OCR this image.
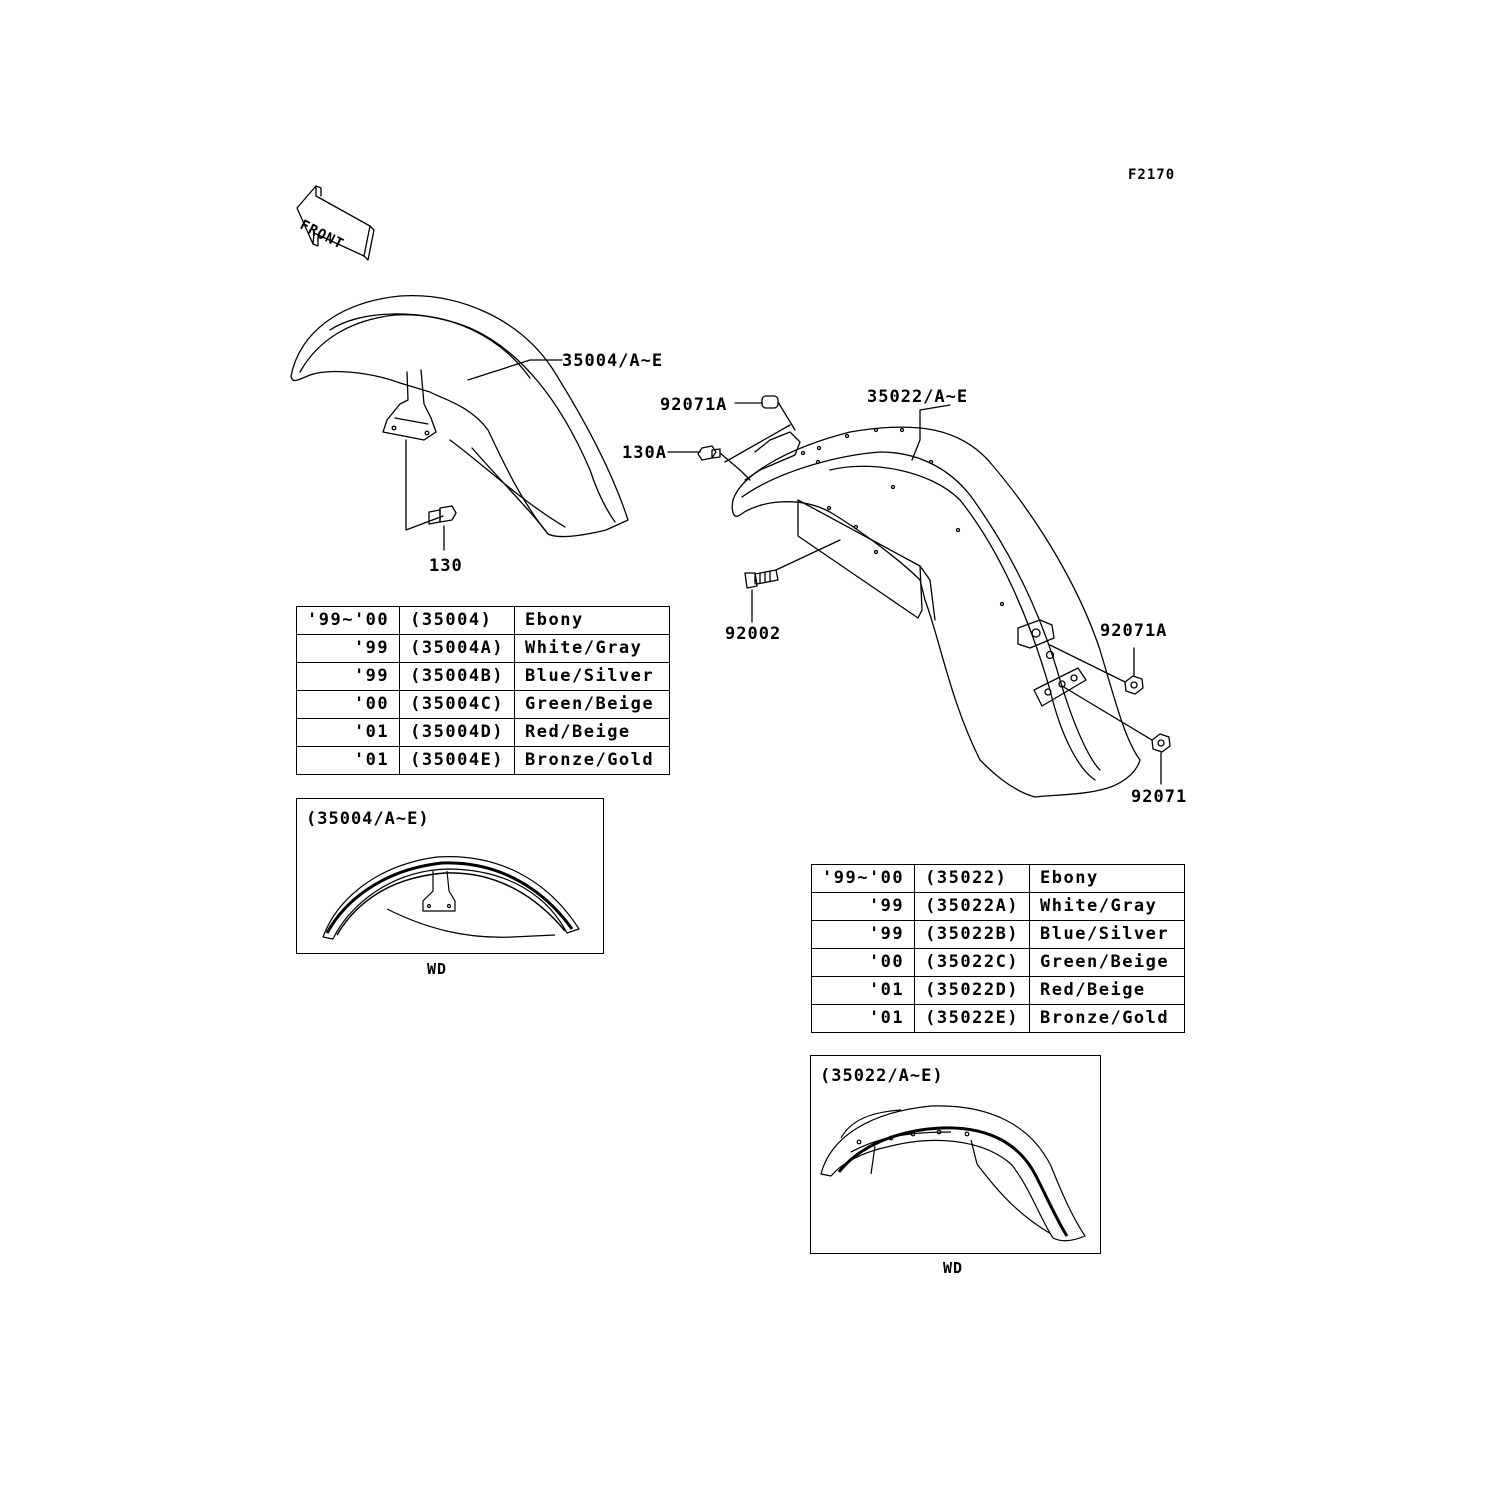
F2170
35004/A~E
130
35022/A~E
92071A
130A
92002	92071A
92071
FRONT
'99~'00	(35004)	Ebony
'99	(35004A)	White/Gray
'99	(35004B)	Blue/Silver
'00	(35004C)	Green/Beige
'01	(35004D)	Red/Beige
'01	(35004E)	Bronze/Gold
(35004/A~E)
WD
'99~'00	(35022)	Ebony
'99	(35022A)	White/Gray
'99	(35022B)	Blue/Silver
'00	(35022C)	Green/Beige
'01	(35022D)	Red/Beige
'01	(35022E)	Bronze/Gold
(35022/A~E)
WD
